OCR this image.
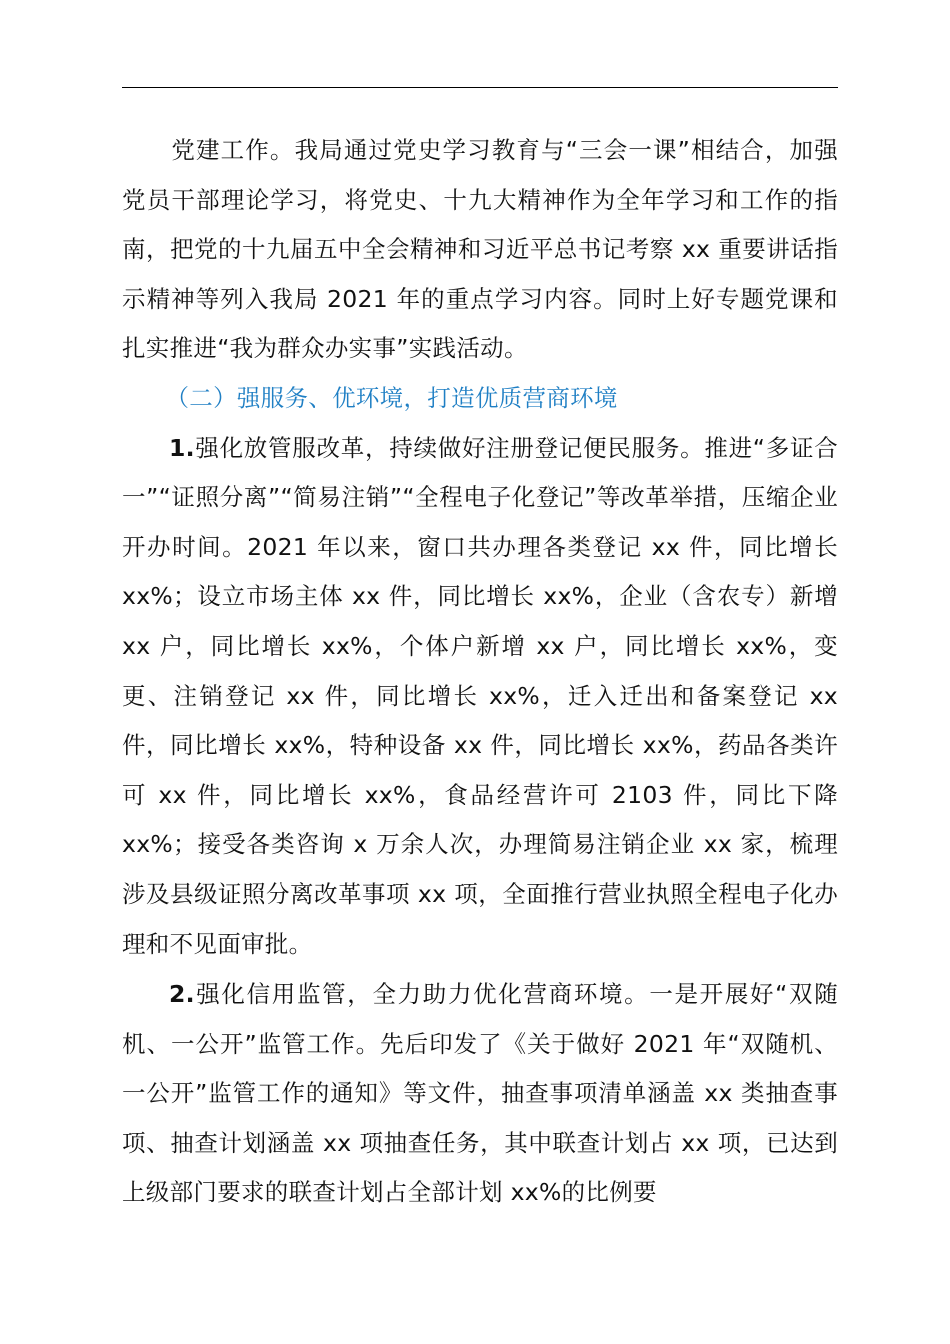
党建工作。我局通过党史学习教育与“三会一课”相结合，加强党员干部理论学习，将党史、十九大精神作为全年学习和工作的指南，把党的十九届五中全会精神和习近平总书记考察 xx 重要讲话指示精神等列入我局 2021 年的重点学习内容。同时上好专题党课和扎实推进“我为群众办实事”实践活动。

（二）强服务、优环境，打造优质营商环境

1.强化放管服改革，持续做好注册登记便民服务。推进“多证合一”“证照分离”“简易注销”“全程电子化登记”等改革举措，压缩企业开办时间。2021 年以来，窗口共办理各类登记 xx 件，同比增长 xx%；设立市场主体 xx 件，同比增长 xx%，企业（含农专）新增 xx 户，同比增长 xx%，个体户新增 xx 户，同比增长 xx%，变更、注销登记 xx 件，同比增长 xx%，迁入迁出和备案登记 xx 件，同比增长 xx%，特种设备 xx 件，同比增长 xx%，药品各类许可 xx 件，同比增长 xx%，食品经营许可 2103 件，同比下降 xx%；接受各类咨询 x 万余人次，办理简易注销企业 xx 家，梳理涉及县级证照分离改革事项 xx 项，全面推行营业执照全程电子化办理和不见面审批。

2.强化信用监管，全力助力优化营商环境。一是开展好“双随机、一公开”监管工作。先后印发了《关于做好 2021 年“双随机、一公开”监管工作的通知》等文件，抽查事项清单涵盖 xx 类抽查事项、抽查计划涵盖 xx 项抽查任务，其中联查计划占 xx 项，已达到上级部门要求的联查计划占全部计划 xx%的比例要
